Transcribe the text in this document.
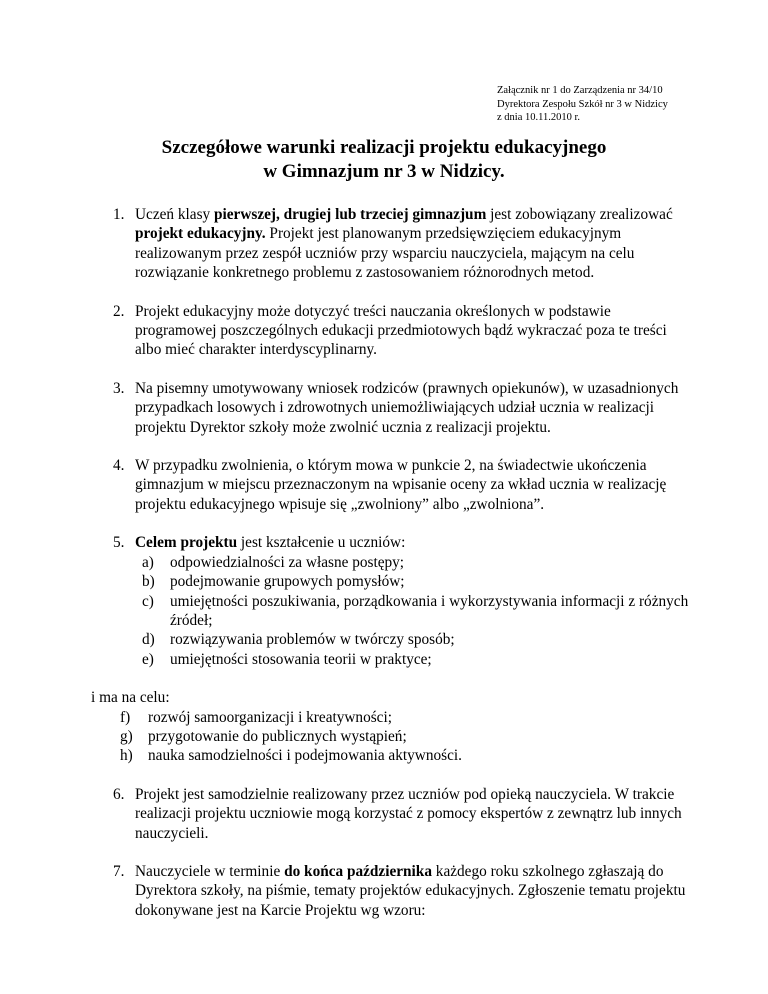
Załącznik nr 1 do Zarządzenia nr 34/10
Dyrektora Zespołu Szkół nr 3 w Nidzicy
z dnia 10.11.2010 r.
Szczegółowe warunki realizacji projektu edukacyjnego
w Gimnazjum nr 3 w Nidzicy.
1. Uczeń klasy pierwszej, drugiej lub trzeciej gimnazjum jest zobowiązany zrealizować projekt edukacyjny. Projekt jest planowanym przedsięwzięciem edukacyjnym realizowanym przez zespół uczniów przy wsparciu nauczyciela, mającym na celu rozwiązanie konkretnego problemu z zastosowaniem różnorodnych metod.
2. Projekt edukacyjny może dotyczyć treści nauczania określonych w podstawie programowej poszczególnych edukacji przedmiotowych bądź wykraczać poza te treści albo mieć charakter interdyscyplinarny.
3. Na pisemny umotywowany wniosek rodziców (prawnych opiekunów), w uzasadnionych przypadkach losowych i zdrowotnych uniemożliwiających udział ucznia w realizacji projektu Dyrektor szkoły może zwolnić ucznia z realizacji projektu.
4. W przypadku zwolnienia, o którym mowa w punkcie 2, na świadectwie ukończenia gimnazjum w miejscu przeznaczonym na wpisanie oceny za wkład ucznia w realizację projektu edukacyjnego wpisuje się „zwolniony” albo „zwolniona”.
5. Celem projektu jest kształcenie u uczniów:
a) odpowiedzialności za własne postępy;
b) podejmowanie grupowych pomysłów;
c) umiejętności poszukiwania, porządkowania i wykorzystywania informacji z różnych źródeł;
d) rozwiązywania problemów w twórczy sposób;
e) umiejętności stosowania teorii w praktyce;
i ma na celu:
f) rozwój samoorganizacji i kreatywności;
g) przygotowanie do publicznych wystąpień;
h) nauka samodzielności i podejmowania aktywności.
6. Projekt jest samodzielnie realizowany przez uczniów pod opieką nauczyciela. W trakcie realizacji projektu uczniowie mogą korzystać z pomocy ekspertów z zewnątrz lub innych nauczycieli.
7. Nauczyciele w terminie do końca października każdego roku szkolnego zgłaszają do Dyrektora szkoły, na piśmie, tematy projektów edukacyjnych. Zgłoszenie tematu projektu dokonywane jest na Karcie Projektu wg wzoru:
